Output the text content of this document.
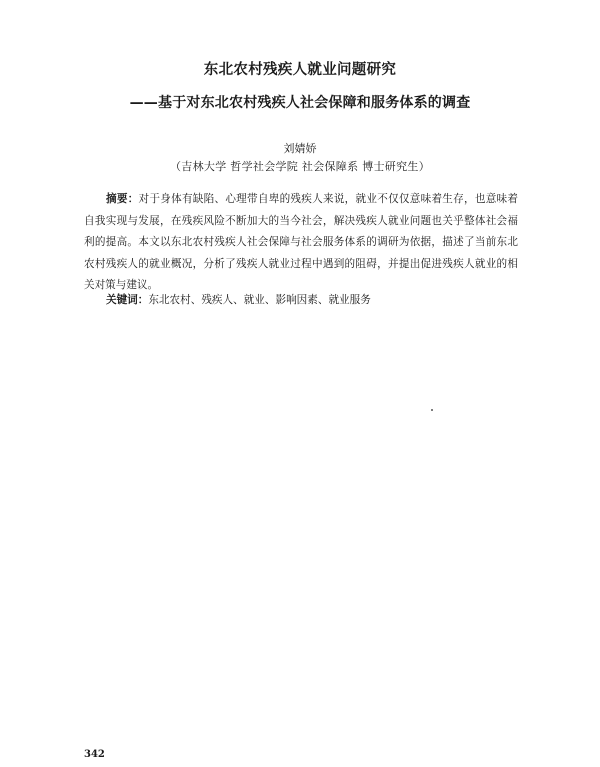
东北农村残疾人就业问题研究
——基于对东北农村残疾人社会保障和服务体系的调查
刘婧娇
（吉林大学 哲学社会学院 社会保障系 博士研究生）

摘要：对于身体有缺陷、心理带自卑的残疾人来说，就业不仅仅意味着生存，也意味着自我实现与发展，在残疾风险不断加大的当今社会，解决残疾人就业问题也关乎整体社会福利的提高。本文以东北农村残疾人社会保障与社会服务体系的调研为依据，描述了当前东北农村残疾人的就业概况，分析了残疾人就业过程中遇到的阻碍，并提出促进残疾人就业的相关对策与建议。

关键词：东北农村、残疾人、就业、影响因素、就业服务

342
